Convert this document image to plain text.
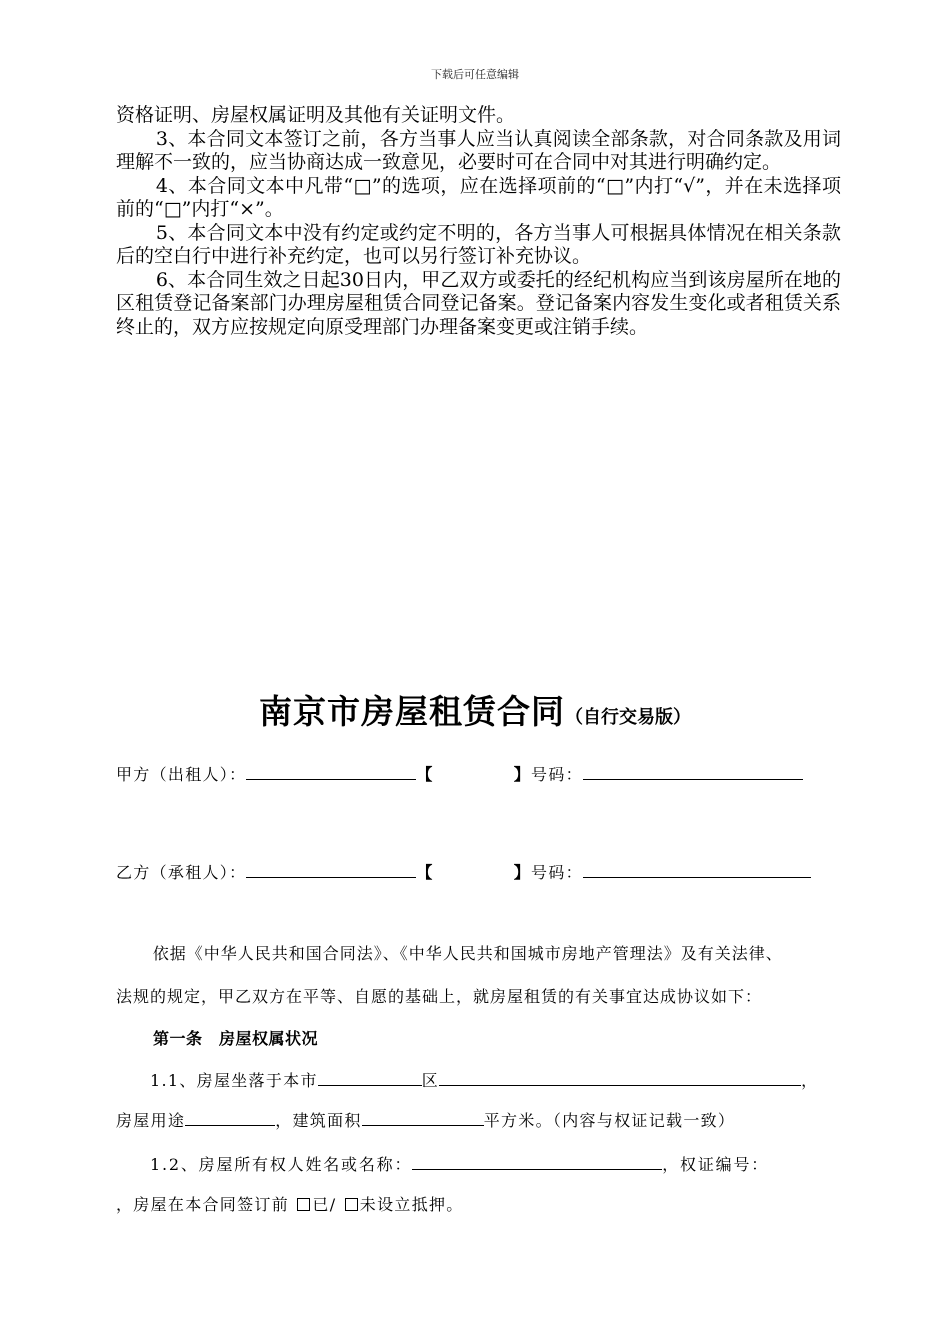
下载后可任意编辑

资格证明、房屋权属证明及其他有关证明文件。

3、本合同文本签订之前，各方当事人应当认真阅读全部条款，对合同条款及用词理解不一致的，应当协商达成一致意见，必要时可在合同中对其进行明确约定。

4、本合同文本中凡带“□”的选项，应在选择项前的“□”内打“√”，并在未选择项前的“□”内打“×”。

5、本合同文本中没有约定或约定不明的，各方当事人可根据具体情况在相关条款后的空白行中进行补充约定，也可以另行签订补充协议。

6、本合同生效之日起30日内，甲乙双方或委托的经纪机构应当到该房屋所在地的区租赁登记备案部门办理房屋租赁合同登记备案。登记备案内容发生变化或者租赁关系终止的，双方应按规定向原受理部门办理备案变更或注销手续。

南京市房屋租赁合同（自行交易版）
甲方（出租人）：	【	】号码：
乙方（承租人）：	【	】号码：

依据《中华人民共和国合同法》、《中华人民共和国城市房地产管理法》及有关法律、

法规的规定，甲乙双方在平等、自愿的基础上，就房屋租赁的有关事宜达成协议如下：

第一条　房屋权属状况
1.1、房屋坐落于本市	区	，
房屋用途	，建筑面积	平方米。（内容与权证记载一致）
1.2、房屋所有权人姓名或名称：	，权证编号：
，房屋在本合同签订前 已/ 未设立抵押。
